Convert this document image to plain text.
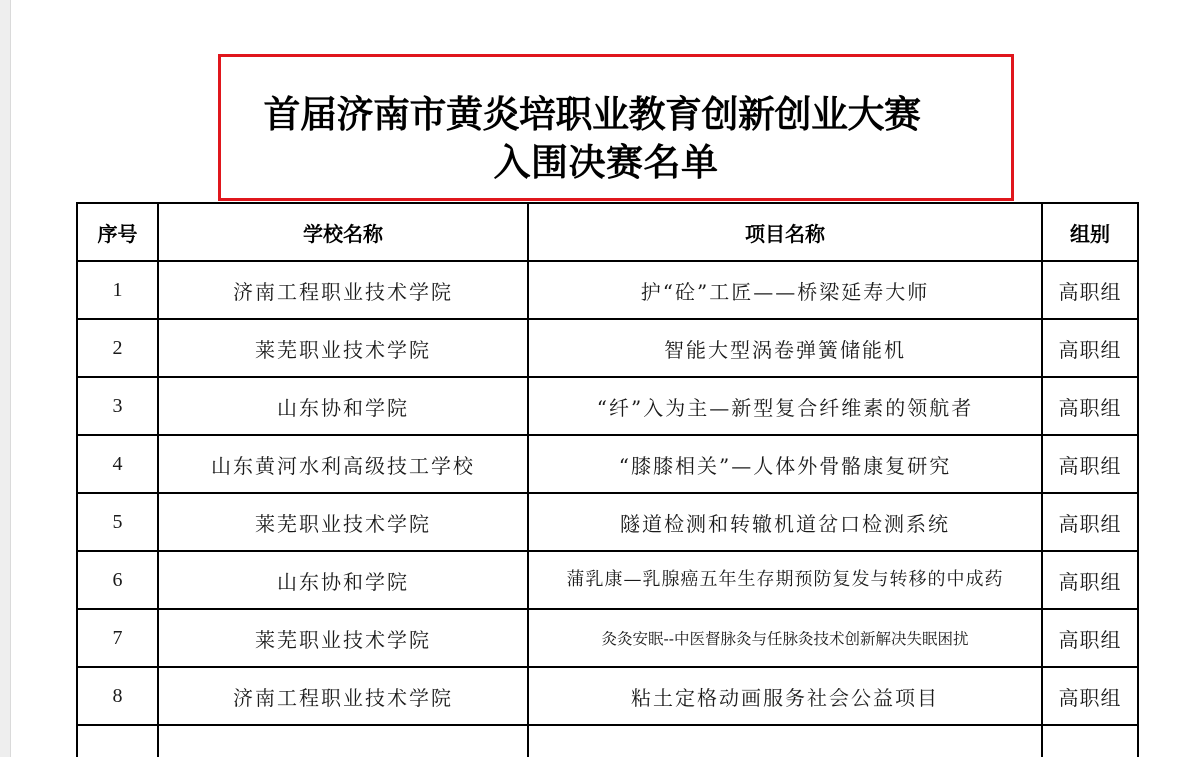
首届济南市黄炎培职业教育创新创业大赛
入围决赛名单
序号	学校名称	项目名称	组别
1	济南工程职业技术学院	护“砼”工匠——桥梁延寿大师	高职组
2	莱芜职业技术学院	智能大型涡卷弹簧储能机	高职组
3	山东协和学院	“纤”入为主—新型复合纤维素的领航者	高职组
4	山东黄河水利高级技工学校	“膝膝相关”—人体外骨骼康复研究	高职组
5	莱芜职业技术学院	隧道检测和转辙机道岔口检测系统	高职组
6	山东协和学院	蒲乳康—乳腺癌五年生存期预防复发与转移的中成药	高职组
7	莱芜职业技术学院	灸灸安眠--中医督脉灸与任脉灸技术创新解决失眠困扰	高职组
8	济南工程职业技术学院	粘土定格动画服务社会公益项目	高职组
